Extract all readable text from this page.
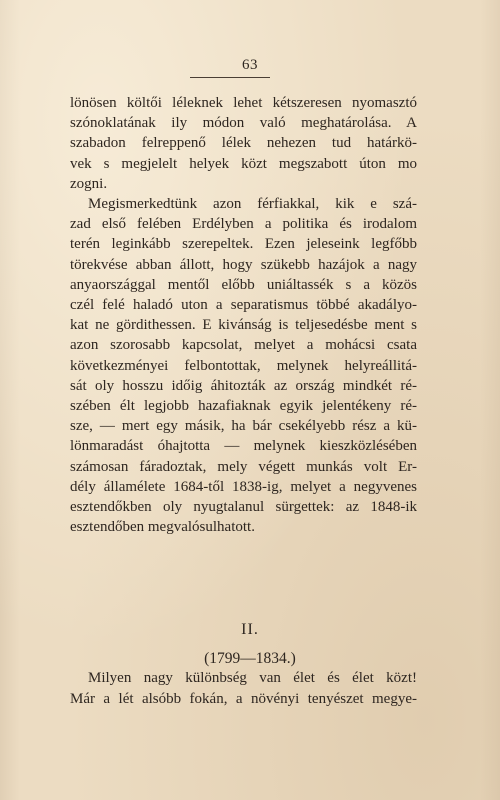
63

lönösen költői léleknek lehet kétszeresen nyomasztó
szónoklatának ily módon való meghatárolása. A
szabadon felreppenő lélek nehezen tud határkö-
vek s megjelelt helyek közt megszabott úton mo
zogni.

Megismerkedtünk azon férfiakkal, kik e szá-
zad első felében Erdélyben a politika és irodalom
terén leginkább szerepeltek. Ezen jeleseink legfőbb
törekvése abban állott, hogy szükebb hazájok a nagy
anyaországgal mentől előbb uniáltassék s a közös
czél felé haladó uton a separatismus többé akadályo-
kat ne gördithessen. E kivánság is teljesedésbe ment s
azon szorosabb kapcsolat, melyet a mohácsi csata
következményei felbontottak, melynek helyreállitá-
sát oly hosszu időig áhitozták az ország mindkét ré-
szében élt legjobb hazafiaknak egyik jelentékeny ré-
sze, — mert egy másik, ha bár csekélyebb rész a kü-
lönmaradást óhajtotta — melynek kieszközlésében
számosan fáradoztak, mely végett munkás volt Er-
dély államélete 1684-től 1838-ig, melyet a negyvenes
esztendőkben oly nyugtalanul sürgettek: az 1848-ik
esztendőben megvalósulhatott.

II.
(1799—1834.)
Milyen nagy különbség van élet és élet közt!
Már a lét alsóbb fokán, a növényi tenyészet megye-
